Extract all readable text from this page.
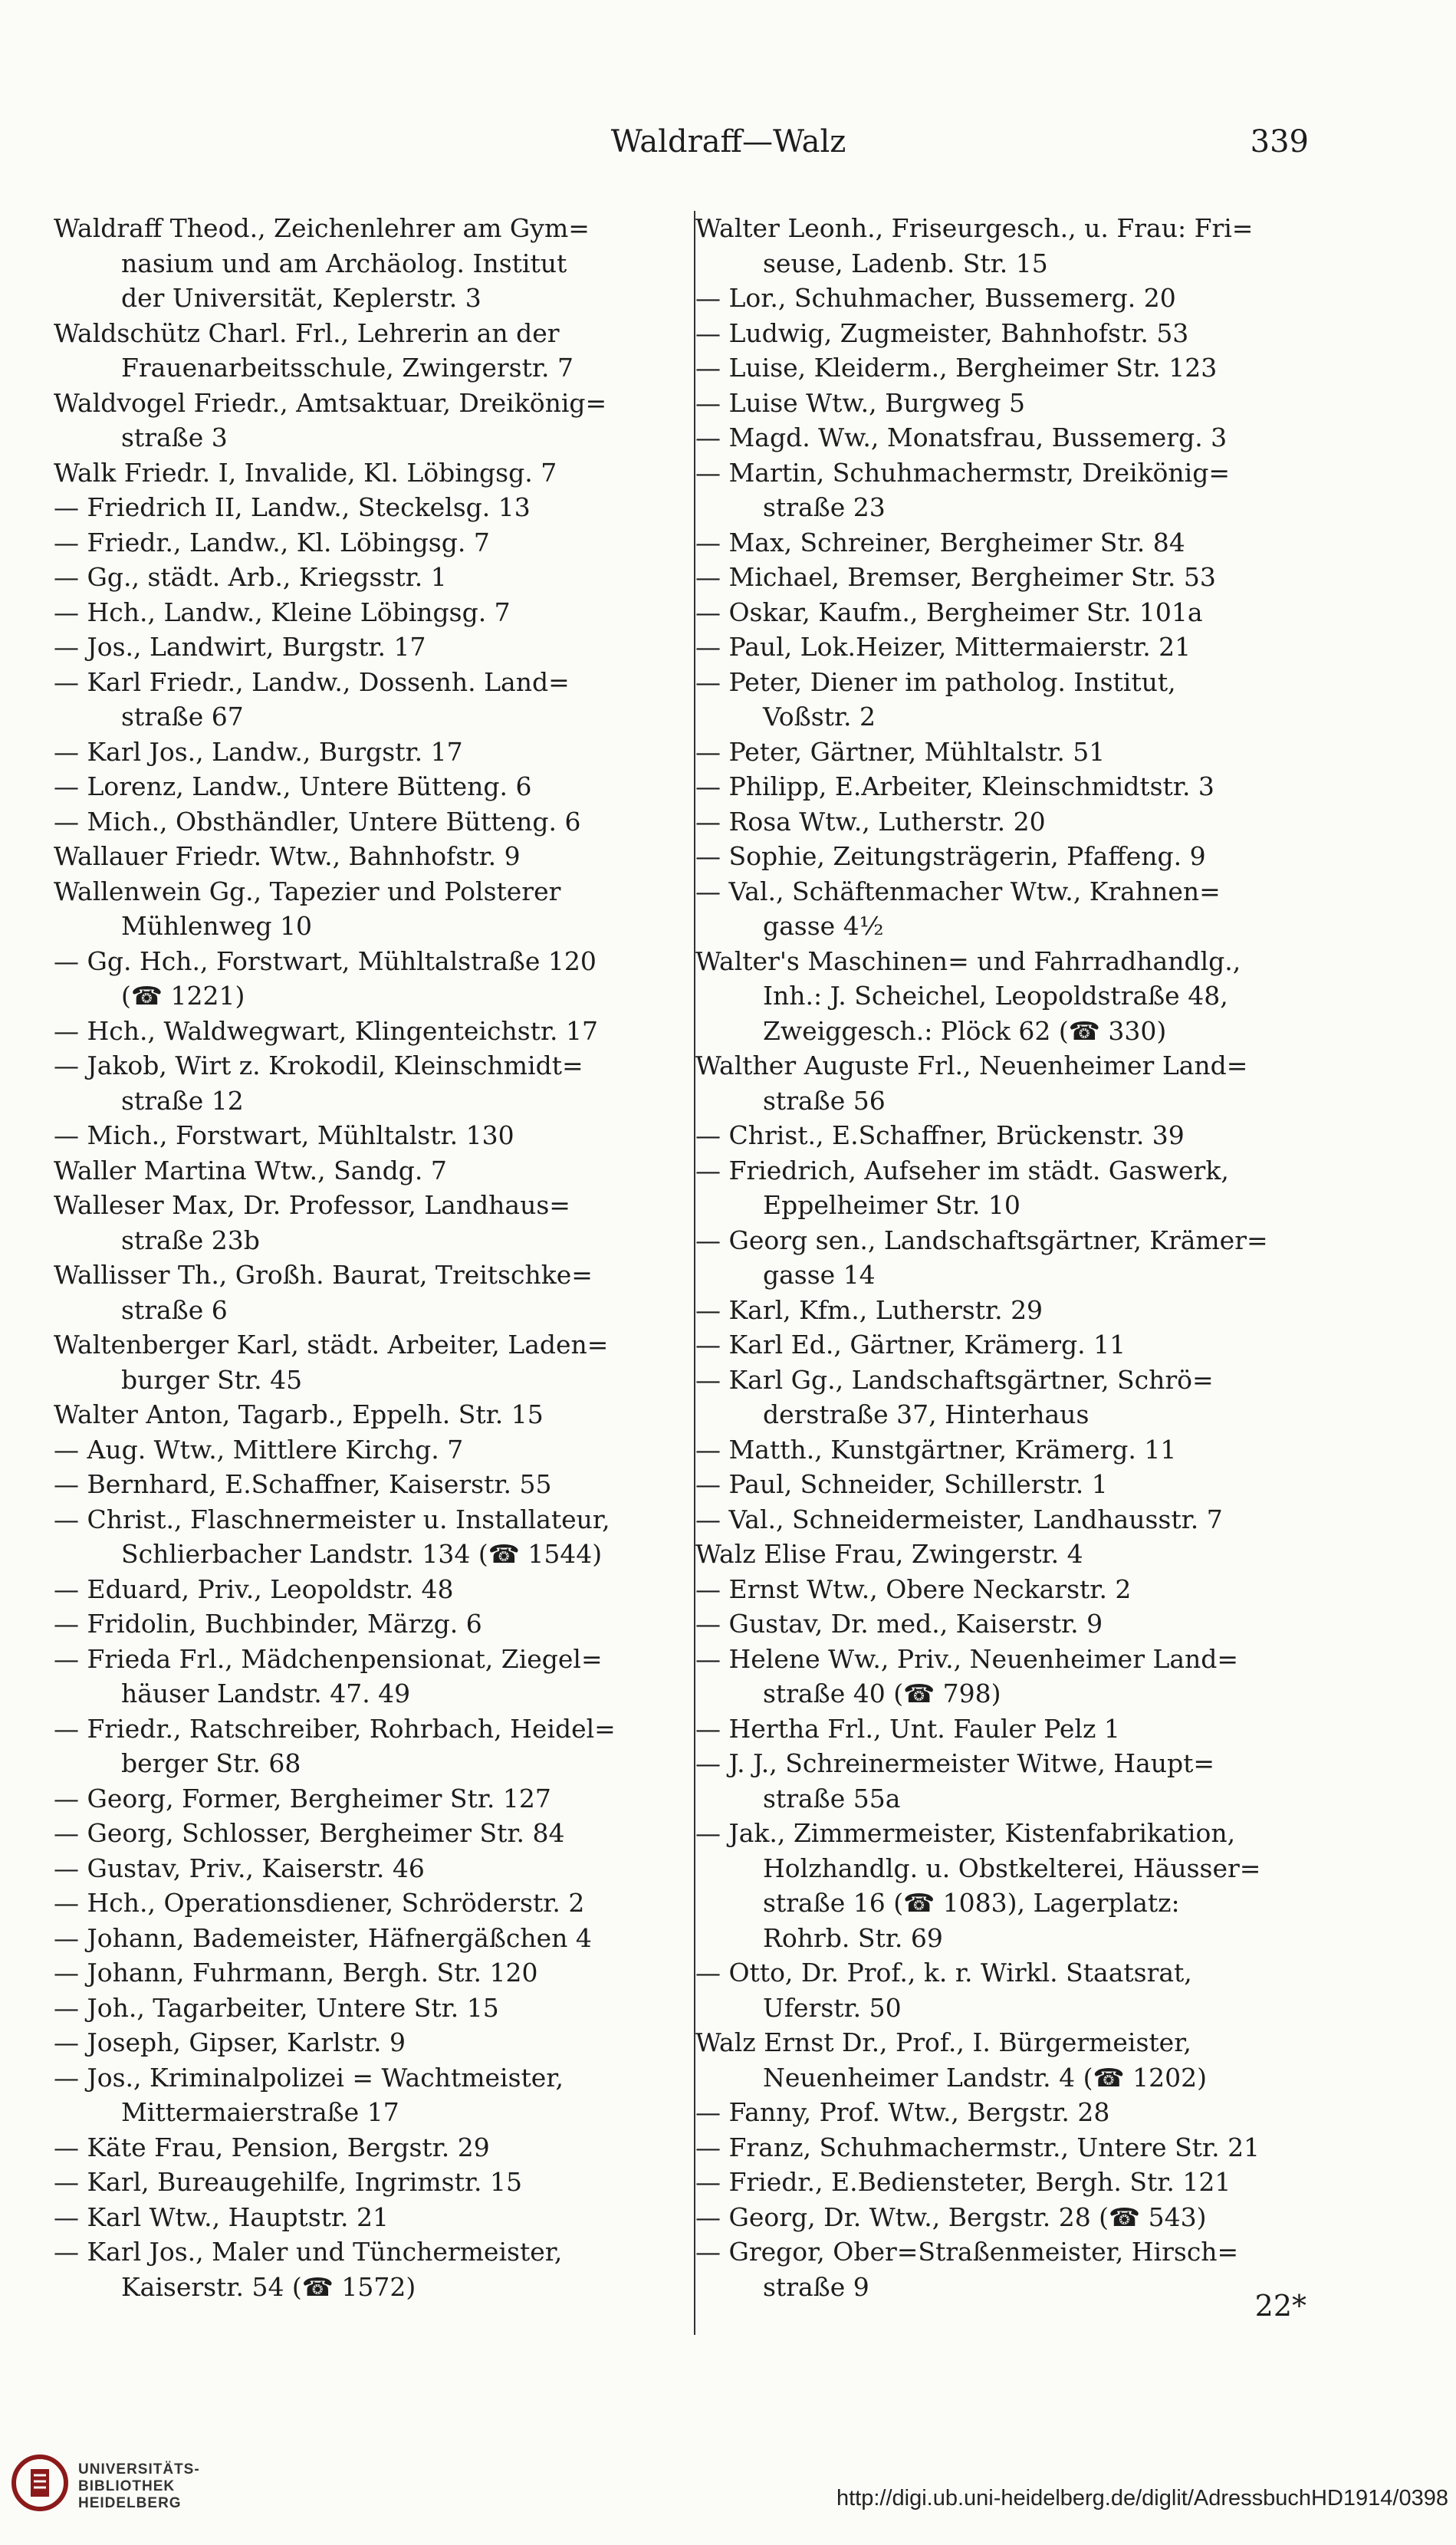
Waldraff—Walz	339
Waldraff Theod., Zeichenlehrer am Gym=
nasium und am Archäolog. Institut
der Universität, Keplerstr. 3
Waldschütz Charl. Frl., Lehrerin an der
Frauenarbeitsschule, Zwingerstr. 7
Waldvogel Friedr., Amtsaktuar, Dreikönig=
straße 3
Walk Friedr. I, Invalide, Kl. Löbingsg. 7
— Friedrich II, Landw., Steckelsg. 13
— Friedr., Landw., Kl. Löbingsg. 7
— Gg., städt. Arb., Kriegsstr. 1
— Hch., Landw., Kleine Löbingsg. 7
— Jos., Landwirt, Burgstr. 17
— Karl Friedr., Landw., Dossenh. Land=
straße 67
— Karl Jos., Landw., Burgstr. 17
— Lorenz, Landw., Untere Bütteng. 6
— Mich., Obsthändler, Untere Bütteng. 6
Wallauer Friedr. Wtw., Bahnhofstr. 9
Wallenwein Gg., Tapezier und Polsterer
Mühlenweg 10
— Gg. Hch., Forstwart, Mühltalstraße 120
(☎ 1221)
— Hch., Waldwegwart, Klingenteichstr. 17
— Jakob, Wirt z. Krokodil, Kleinschmidt=
straße 12
— Mich., Forstwart, Mühltalstr. 130
Waller Martina Wtw., Sandg. 7
Walleser Max, Dr. Professor, Landhaus=
straße 23b
Wallisser Th., Großh. Baurat, Treitschke=
straße 6
Waltenberger Karl, städt. Arbeiter, Laden=
burger Str. 45
Walter Anton, Tagarb., Eppelh. Str. 15
— Aug. Wtw., Mittlere Kirchg. 7
— Bernhard, E.Schaffner, Kaiserstr. 55
— Christ., Flaschnermeister u. Installateur,
Schlierbacher Landstr. 134 (☎ 1544)
— Eduard, Priv., Leopoldstr. 48
— Fridolin, Buchbinder, Märzg. 6
— Frieda Frl., Mädchenpensionat, Ziegel=
häuser Landstr. 47. 49
— Friedr., Ratschreiber, Rohrbach, Heidel=
berger Str. 68
— Georg, Former, Bergheimer Str. 127
— Georg, Schlosser, Bergheimer Str. 84
— Gustav, Priv., Kaiserstr. 46
— Hch., Operationsdiener, Schröderstr. 2
— Johann, Bademeister, Häfnergäßchen 4
— Johann, Fuhrmann, Bergh. Str. 120
— Joh., Tagarbeiter, Untere Str. 15
— Joseph, Gipser, Karlstr. 9
— Jos., Kriminalpolizei = Wachtmeister,
Mittermaierstraße 17
— Käte Frau, Pension, Bergstr. 29
— Karl, Bureaugehilfe, Ingrimstr. 15
— Karl Wtw., Hauptstr. 21
— Karl Jos., Maler und Tünchermeister,
Kaiserstr. 54 (☎ 1572)
Walter Leonh., Friseurgesch., u. Frau: Fri=
seuse, Ladenb. Str. 15
— Lor., Schuhmacher, Bussemerg. 20
— Ludwig, Zugmeister, Bahnhofstr. 53
— Luise, Kleiderm., Bergheimer Str. 123
— Luise Wtw., Burgweg 5
— Magd. Ww., Monatsfrau, Bussemerg. 3
— Martin, Schuhmachermstr, Dreikönig=
straße 23
— Max, Schreiner, Bergheimer Str. 84
— Michael, Bremser, Bergheimer Str. 53
— Oskar, Kaufm., Bergheimer Str. 101a
— Paul, Lok.Heizer, Mittermaierstr. 21
— Peter, Diener im patholog. Institut,
Voßstr. 2
— Peter, Gärtner, Mühltalstr. 51
— Philipp, E.Arbeiter, Kleinschmidtstr. 3
— Rosa Wtw., Lutherstr. 20
— Sophie, Zeitungsträgerin, Pfaffeng. 9
— Val., Schäftenmacher Wtw., Krahnen=
gasse 4½
Walter's Maschinen= und Fahrradhandlg.,
Inh.: J. Scheichel, Leopoldstraße 48,
Zweiggesch.: Plöck 62 (☎ 330)
Walther Auguste Frl., Neuenheimer Land=
straße 56
— Christ., E.Schaffner, Brückenstr. 39
— Friedrich, Aufseher im städt. Gaswerk,
Eppelheimer Str. 10
— Georg sen., Landschaftsgärtner, Krämer=
gasse 14
— Karl, Kfm., Lutherstr. 29
— Karl Ed., Gärtner, Krämerg. 11
— Karl Gg., Landschaftsgärtner, Schrö=
derstraße 37, Hinterhaus
— Matth., Kunstgärtner, Krämerg. 11
— Paul, Schneider, Schillerstr. 1
— Val., Schneidermeister, Landhausstr. 7
Walz Elise Frau, Zwingerstr. 4
— Ernst Wtw., Obere Neckarstr. 2
— Gustav, Dr. med., Kaiserstr. 9
— Helene Ww., Priv., Neuenheimer Land=
straße 40 (☎ 798)
— Hertha Frl., Unt. Fauler Pelz 1
— J. J., Schreinermeister Witwe, Haupt=
straße 55a
— Jak., Zimmermeister, Kistenfabrikation,
Holzhandlg. u. Obstkelterei, Häusser=
straße 16 (☎ 1083), Lagerplatz:
Rohrb. Str. 69
— Otto, Dr. Prof., k. r. Wirkl. Staatsrat,
Uferstr. 50
Walz Ernst Dr., Prof., I. Bürgermeister,
Neuenheimer Landstr. 4 (☎ 1202)
— Fanny, Prof. Wtw., Bergstr. 28
— Franz, Schuhmachermstr., Untere Str. 21
— Friedr., E.Bediensteter, Bergh. Str. 121
— Georg, Dr. Wtw., Bergstr. 28 (☎ 543)
— Gregor, Ober=Straßenmeister, Hirsch=
straße 9
22*
UNIVERSITÄTS-
BIBLIOTHEK
HEIDELBERG	http://digi.ub.uni-heidelberg.de/diglit/AdressbuchHD1914/0398
